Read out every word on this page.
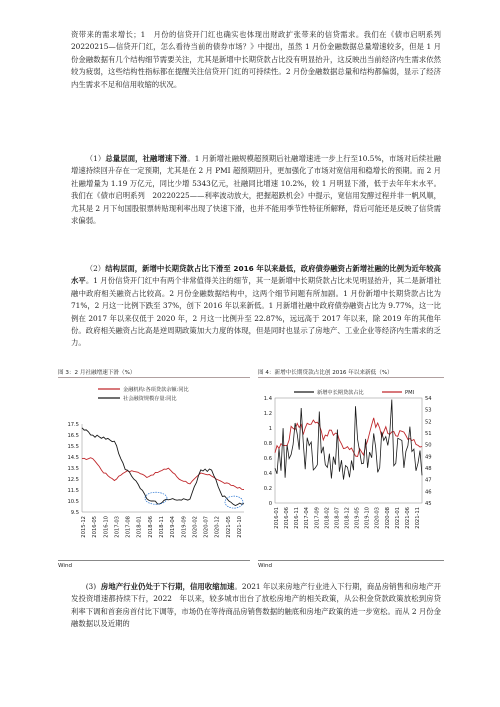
资带来的需求增长；1　月份的信贷开门红也确实也体现出财政扩张带来的信贷需求。我们在《债市启明系列　20220215—信贷开门红，怎么看待当前的债券市场？》中提出，虽然 1 月份金融数据总量增速较多，但是 1 月份金融数据有几个结构细节需要关注，尤其是新增中长期贷款占比没有明显抬升，这反映出当前经济内生需求依然较为疲弱，这些结构性指标都在提醒关注信贷开门红的可持续性。2 月份金融数据总量和结构都偏弱，显示了经济内生需求不足和信用收缩的状况。

（1）总量层面，社融增速下滑。1 月新增社融规模超预期后社融增速进一步上行至10.5%，市场对后续社融增速持续回升存在一定预期，尤其是在 2 月 PMI 超预期回升，更加强化了市场对宽信用和稳增长的预期。而 2 月社融增量为 1.19 万亿元，同比少增 5343亿元，社融同比增速 10.2%，较 1 月明显下滑，低于去年年末水平。我们在《债市启明系列　20220225——利率波动放大，把握超跌机会》中提示，宽信用发酵过程并非一帆风顺，尤其是 2 月下旬国股银票转贴现利率出现了快速下滑，也并不能用季节性特征所解释，背后可能还是反映了信贷需求偏弱。

（2）结构层面，新增中长期贷款占比下滑至 2016 年以来最低，政府债券融资占新增社融的比例为近年较高水平。1 月份信贷开门红中有两个非常值得关注的细节，其一是新增中长期贷款占比未见明显抬升，其二是新增社融中政府相关融资占比较高。2 月份金融数据结构中，这两个细节问题有所加剧。1 月份新增中长期贷款占比为 71%，2 月这一比例下跌至 37%，创下 2016 年以来新低。1 月新增社融中政府债券融资占比为 9.77%，这一比例在 2017 年以来仅低于 2020 年，2 月这一比例升至 22.87%，远远高于 2017 年以来，除 2019 年的其他年份。政府相关融资占比高是逆周期政策加大力度的体现，但是同时也显示了房地产、工业企业等经济内生需求的乏力。

图 3：2 月社融增速下滑（%）

金融机构:各项贷款余额:同比
社会融资规模存量:同比
17.5
16.5
15.5
14.5
13.5
12.5
11.5
10.5
9.5
2015-12 2016-05 2016-10 2017-03 2017-08 2018-01 2018-06 2018-11 2019-04 2019-09 2020-02 2020-07 2020-12 2021-05 2021-10

Wind

图 4：新增中长期贷款占比创 2016 年以来新低（%）

新增中长期贷款占比	PMI
1.4
1.2
1
0.8
0.6
0.4
0.2
0
54
53
52
51
50
49
48
47
46
45
2016-01 2016-06 2016-11 2017-04 2017-09 2018-02 2018-07 2018-12 2019-05 2019-10 2020-03 2020-08 2021-01 2021-06 2021-11

Wind

(3) 房地产行业仍处于下行期，信用收缩加速。2021 年以来房地产行业进入下行期，商品房销售和房地产开发投资增速都持续下行，2022　年以来，较多城市出台了放松房地产的相关政策，从公积金贷款政策放松到房贷利率下调和首套房首付比下调等，市场仍在等待商品房销售数据的触底和房地产政策的进一步宽松。而从 2 月份金融数据以及近期的
